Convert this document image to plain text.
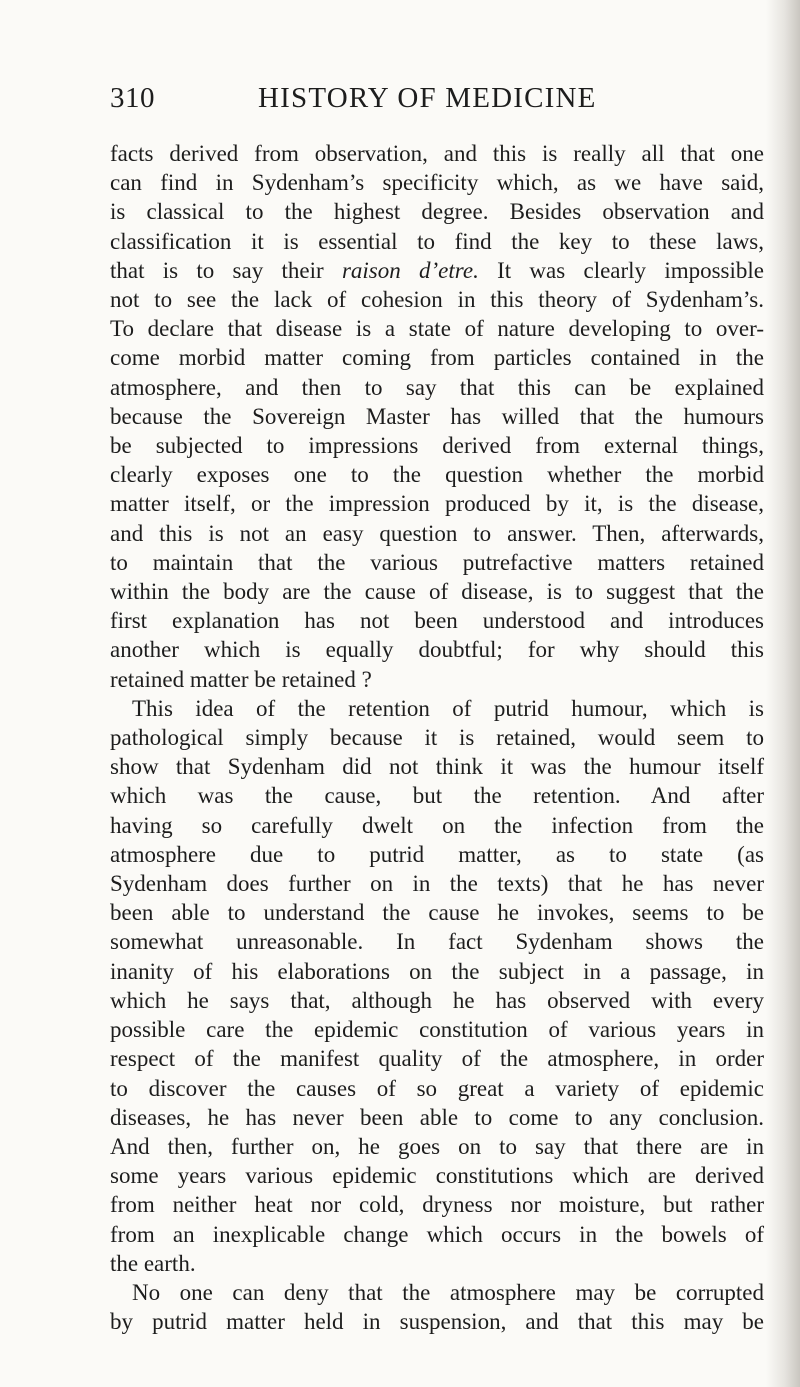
310	HISTORY OF MEDICINE

facts derived from observation, and this is really all that one
can find in Sydenham’s specificity which, as we have said,
is classical to the highest degree. Besides observation and
classification it is essential to find the key to these laws,
that is to say their raison d’etre. It was clearly impossible
not to see the lack of cohesion in this theory of Sydenham’s.
To declare that disease is a state of nature developing to over-
come morbid matter coming from particles contained in the
atmosphere, and then to say that this can be explained
because the Sovereign Master has willed that the humours
be subjected to impressions derived from external things,
clearly exposes one to the question whether the morbid
matter itself, or the impression produced by it, is the disease,
and this is not an easy question to answer. Then, afterwards,
to maintain that the various putrefactive matters retained
within the body are the cause of disease, is to suggest that the
first explanation has not been understood and introduces
another which is equally doubtful; for why should this
retained matter be retained ?

This idea of the retention of putrid humour, which is
pathological simply because it is retained, would seem to
show that Sydenham did not think it was the humour itself
which was the cause, but the retention. And after
having so carefully dwelt on the infection from the
atmosphere due to putrid matter, as to state (as
Sydenham does further on in the texts) that he has never
been able to understand the cause he invokes, seems to be
somewhat unreasonable. In fact Sydenham shows the
inanity of his elaborations on the subject in a passage, in
which he says that, although he has observed with every
possible care the epidemic constitution of various years in
respect of the manifest quality of the atmosphere, in order
to discover the causes of so great a variety of epidemic
diseases, he has never been able to come to any conclusion.
And then, further on, he goes on to say that there are in
some years various epidemic constitutions which are derived
from neither heat nor cold, dryness nor moisture, but rather
from an inexplicable change which occurs in the bowels of
the earth.

No one can deny that the atmosphere may be corrupted
by putrid matter held in suspension, and that this may be
